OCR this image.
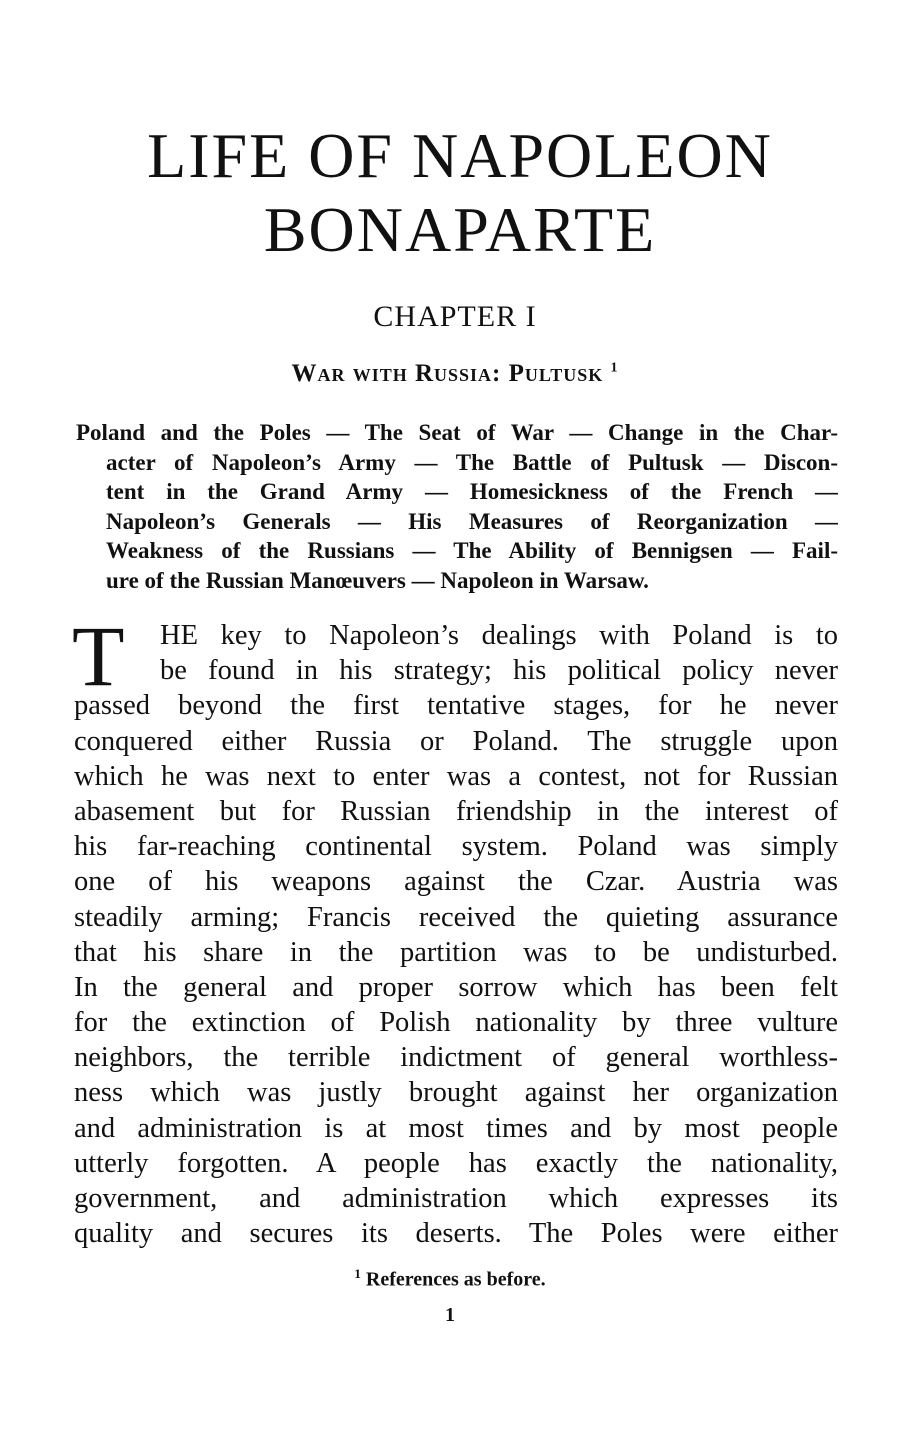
LIFE OF NAPOLEON
BONAPARTE
CHAPTER I
War with Russia: Pultusk $^1$
Poland and the Poles — The Seat of War — Change in the Char-
acter of Napoleon’s Army — The Battle of Pultusk — Discon-
tent in the Grand Army — Homesickness of the French —
Napoleon’s Generals — His Measures of Reorganization —
Weakness of the Russians — The Ability of Bennigsen — Fail-
ure of the Russian Manœuvers — Napoleon in Warsaw.
T	HE key to Napoleon’s dealings with Poland is to
be found in his strategy; his political policy never
passed beyond the first tentative stages, for he never
conquered either Russia or Poland. The struggle upon
which he was next to enter was a contest, not for Russian
abasement but for Russian friendship in the interest of
his far-reaching continental system. Poland was simply
one of his weapons against the Czar. Austria was
steadily arming; Francis received the quieting assurance
that his share in the partition was to be undisturbed.
In the general and proper sorrow which has been felt
for the extinction of Polish nationality by three vulture
neighbors, the terrible indictment of general worthless-
ness which was justly brought against her organization
and administration is at most times and by most people
utterly forgotten. A people has exactly the nationality,
government, and administration which expresses its
quality and secures its deserts. The Poles were either
$^1$ References as before.
1
